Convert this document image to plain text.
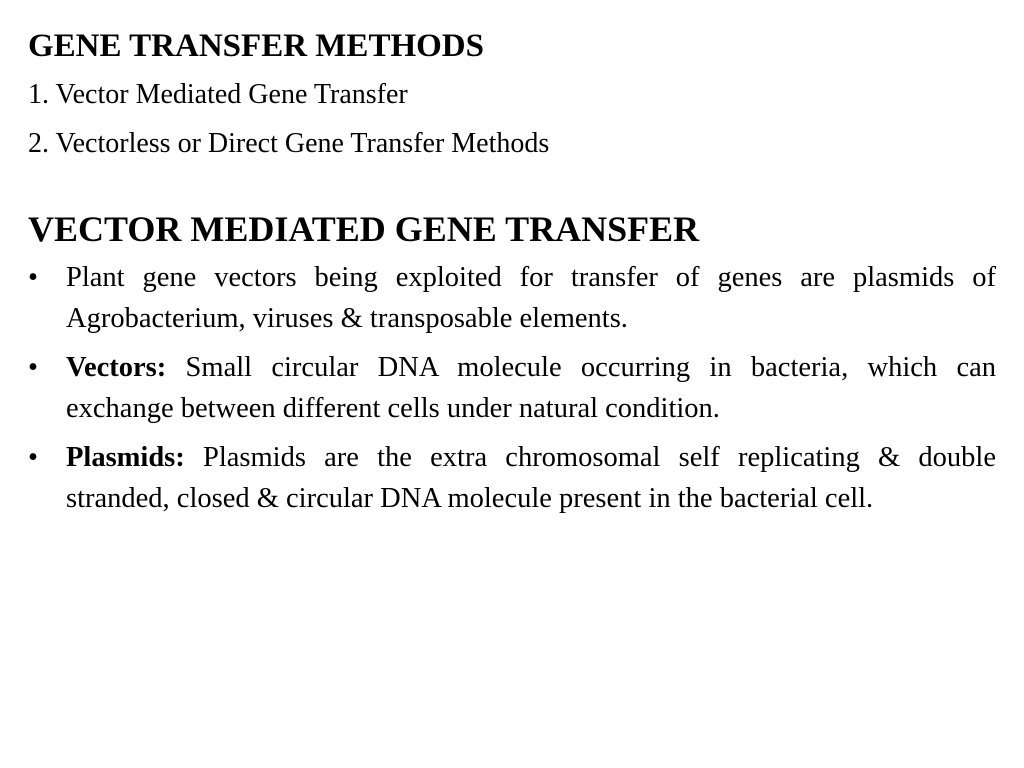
GENE TRANSFER METHODS

1. Vector Mediated Gene Transfer

2. Vectorless or Direct Gene Transfer Methods

VECTOR MEDIATED GENE TRANSFER
• Plant gene vectors being exploited for transfer of genes are plasmids of Agrobacterium, viruses & transposable elements.
• Vectors: Small circular DNA molecule occurring in bacteria, which can exchange between different cells under natural condition.
• Plasmids: Plasmids are the extra chromosomal self replicating & double stranded, closed & circular DNA molecule present in the bacterial cell.
